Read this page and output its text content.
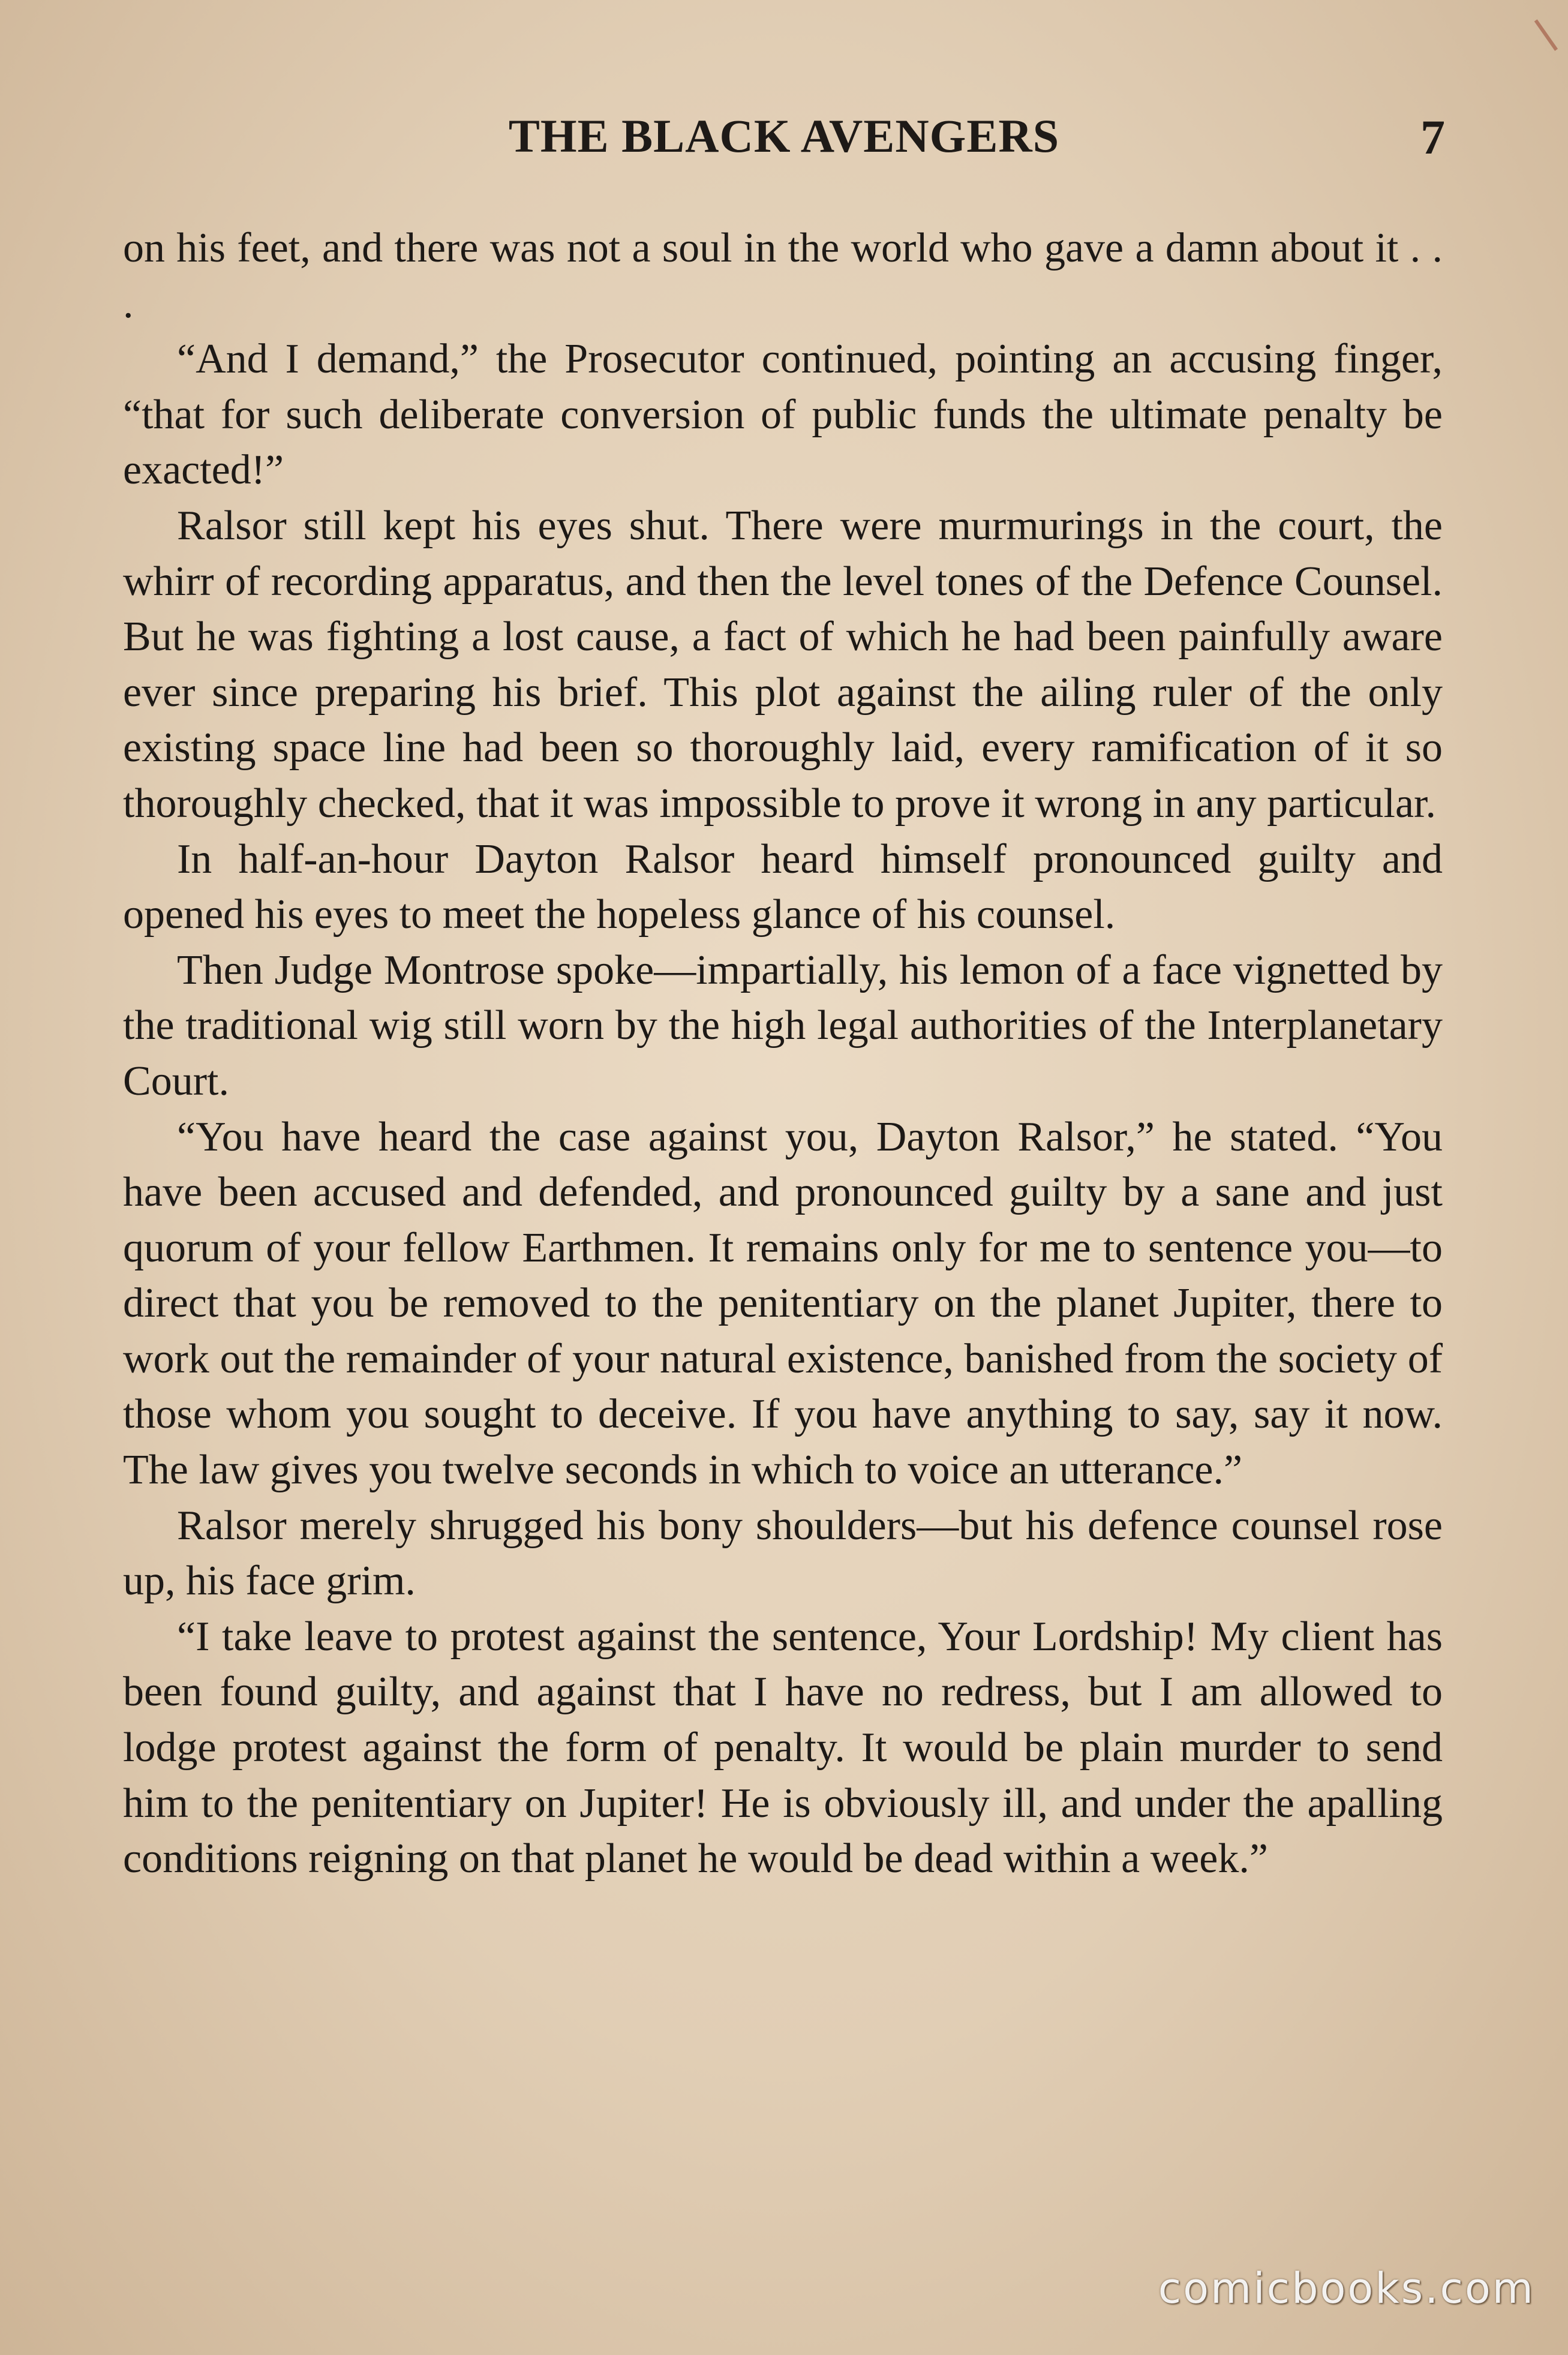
THE BLACK AVENGERS	7

on his feet, and there was not a soul in the world who gave a damn about it . . .

“And I demand,” the Prosecutor continued, pointing an accusing finger, “that for such deliberate conversion of public funds the ultimate penalty be exacted!”

Ralsor still kept his eyes shut. There were murmurings in the court, the whirr of recording apparatus, and then the level tones of the Defence Counsel. But he was fighting a lost cause, a fact of which he had been painfully aware ever since preparing his brief. This plot against the ailing ruler of the only existing space line had been so thoroughly laid, every ramification of it so thoroughly checked, that it was impossible to prove it wrong in any particular.

In half-an-hour Dayton Ralsor heard himself pronounced guilty and opened his eyes to meet the hopeless glance of his counsel.

Then Judge Montrose spoke—impartially, his lemon of a face vignetted by the traditional wig still worn by the high legal authorities of the Interplanetary Court.

“You have heard the case against you, Dayton Ralsor,” he stated. “You have been accused and defended, and pronounced guilty by a sane and just quorum of your fellow Earthmen. It remains only for me to sentence you—to direct that you be removed to the penitentiary on the planet Jupiter, there to work out the remainder of your natural existence, banished from the society of those whom you sought to deceive. If you have anything to say, say it now. The law gives you twelve seconds in which to voice an utterance.”

Ralsor merely shrugged his bony shoulders—but his defence counsel rose up, his face grim.

“I take leave to protest against the sentence, Your Lordship! My client has been found guilty, and against that I have no redress, but I am allowed to lodge protest against the form of penalty. It would be plain murder to send him to the penitentiary on Jupiter! He is obviously ill, and under the apalling conditions reigning on that planet he would be dead within a week.”

comicbooks.com
